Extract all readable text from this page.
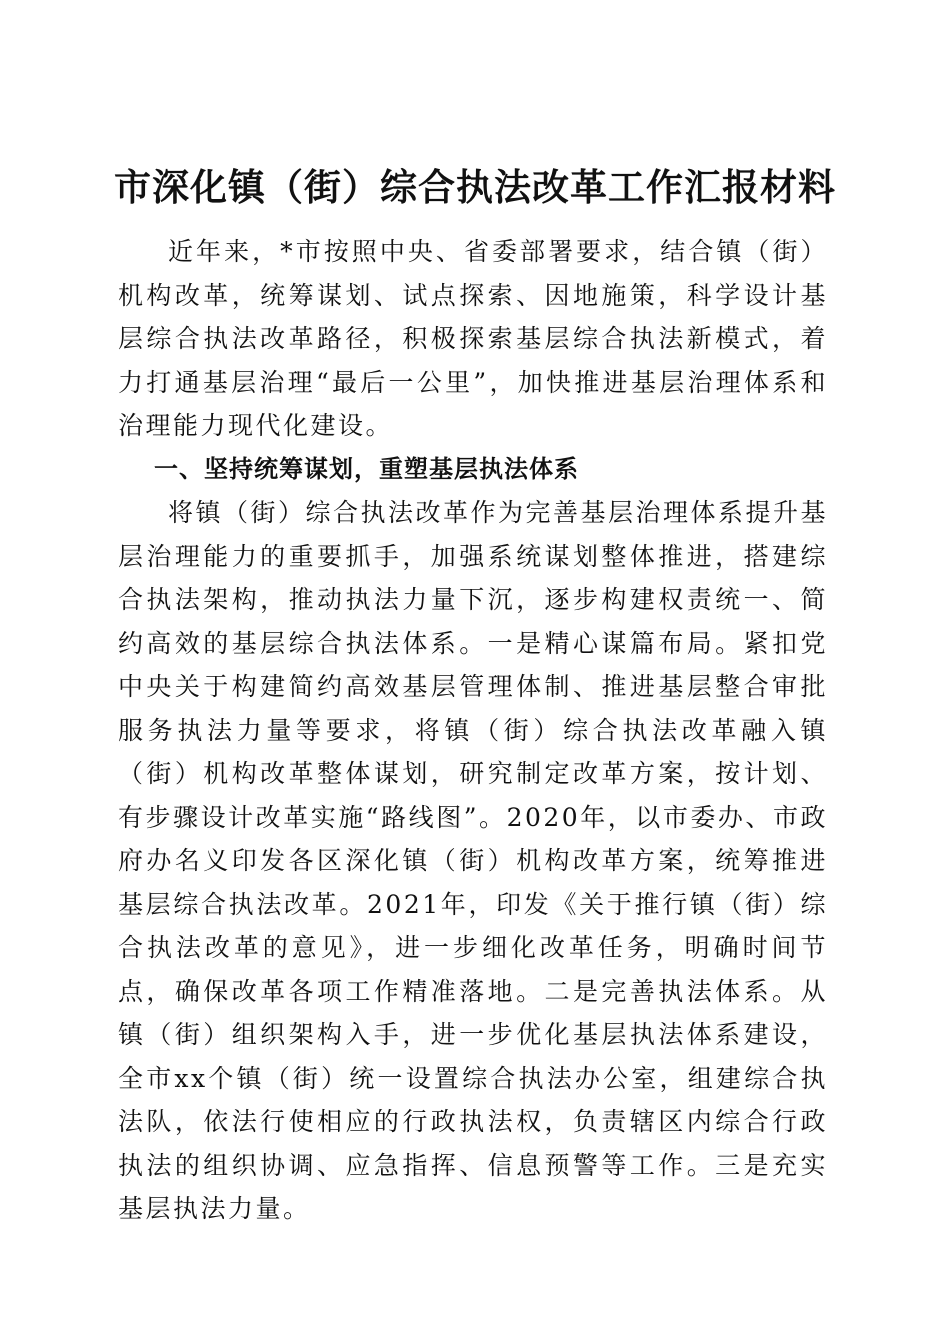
市深化镇（街）综合执法改革工作汇报材料

近年来，*市按照中央、省委部署要求，结合镇（街）机构改革，统筹谋划、试点探索、因地施策，科学设计基层综合执法改革路径，积极探索基层综合执法新模式，着力打通基层治理“最后一公里”，加快推进基层治理体系和治理能力现代化建设。

一、坚持统筹谋划，重塑基层执法体系

将镇（街）综合执法改革作为完善基层治理体系提升基层治理能力的重要抓手，加强系统谋划整体推进，搭建综合执法架构，推动执法力量下沉，逐步构建权责统一、简约高效的基层综合执法体系。一是精心谋篇布局。紧扣党中央关于构建简约高效基层管理体制、推进基层整合审批服务执法力量等要求，将镇（街）综合执法改革融入镇（街）机构改革整体谋划，研究制定改革方案，按计划、有步骤设计改革实施“路线图”。2020年，以市委办、市政府办名义印发各区深化镇（街）机构改革方案，统筹推进基层综合执法改革。2021年，印发《关于推行镇（街）综合执法改革的意见》，进一步细化改革任务，明确时间节点，确保改革各项工作精准落地。二是完善执法体系。从镇（街）组织架构入手，进一步优化基层执法体系建设，全市xx个镇（街）统一设置综合执法办公室，组建综合执法队，依法行使相应的行政执法权，负责辖区内综合行政执法的组织协调、应急指挥、信息预警等工作。三是充实基层执法力量。
